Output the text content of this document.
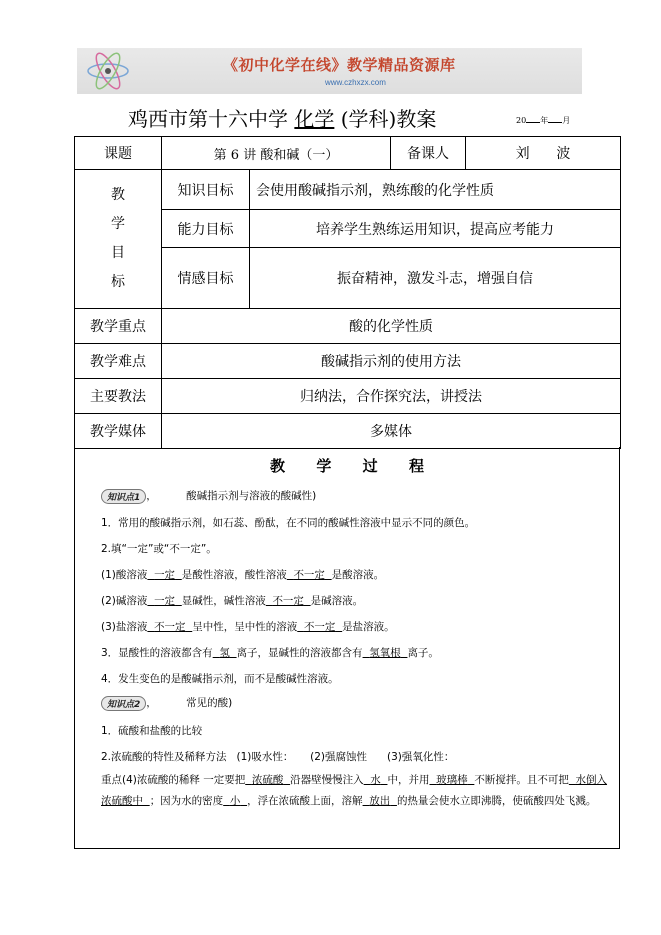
《初中化学在线》教学精品资源库
www.czhxzx.com
鸡西市第十六中学 化学 (学科)教案	20 年 月
课题	第 6 讲 酸和碱（一）		备课人	刘      波

教
学
目
标	知识目标	会使用酸碱指示剂，熟练酸的化学性质		
	能力目标	培养学生熟练运用知识，提高应考能力		
	情感目标	振奋精神，激发斗志，增强自信		
教学重点	酸的化学性质			
教学难点	酸碱指示剂的使用方法			
主要教法	归纳法，合作探究法，讲授法			
教学媒体	多媒体			
教      学      过      程
知识点1 ，	酸碱指示剂与溶液的酸碱性)
1．常用的酸碱指示剂，如石蕊、酚酞，在不同的酸碱性溶液中显示不同的颜色。
2.填“一定”或“不一定”。
(1)酸溶液 一定 是酸性溶液，酸性溶液 不一定 是酸溶液。
(2)碱溶液 一定 显碱性，碱性溶液 不一定 是碱溶液。
(3)盐溶液 不一定 呈中性，呈中性的溶液 不一定 是盐溶液。
3．显酸性的溶液都含有 氢 离子，显碱性的溶液都含有 氢氧根 离子。
4．发生变色的是酸碱指示剂，而不是酸碱性溶液。
知识点2 ，	常见的酸)
1．硫酸和盐酸的比较
2.浓硫酸的特性及稀释方法   (1)吸水性：     (2)强腐蚀性      (3)强氧化性：
重点(4)浓硫酸的稀释 一定要把 浓硫酸 沿器壁慢慢注入 水 中，并用 玻璃棒 不断搅拌。且不可把 水倒入浓硫酸中 ；因为水的密度 小 ，浮在浓硫酸上面，溶解 放出 的热量会使水立即沸腾，使硫酸四处飞溅。
